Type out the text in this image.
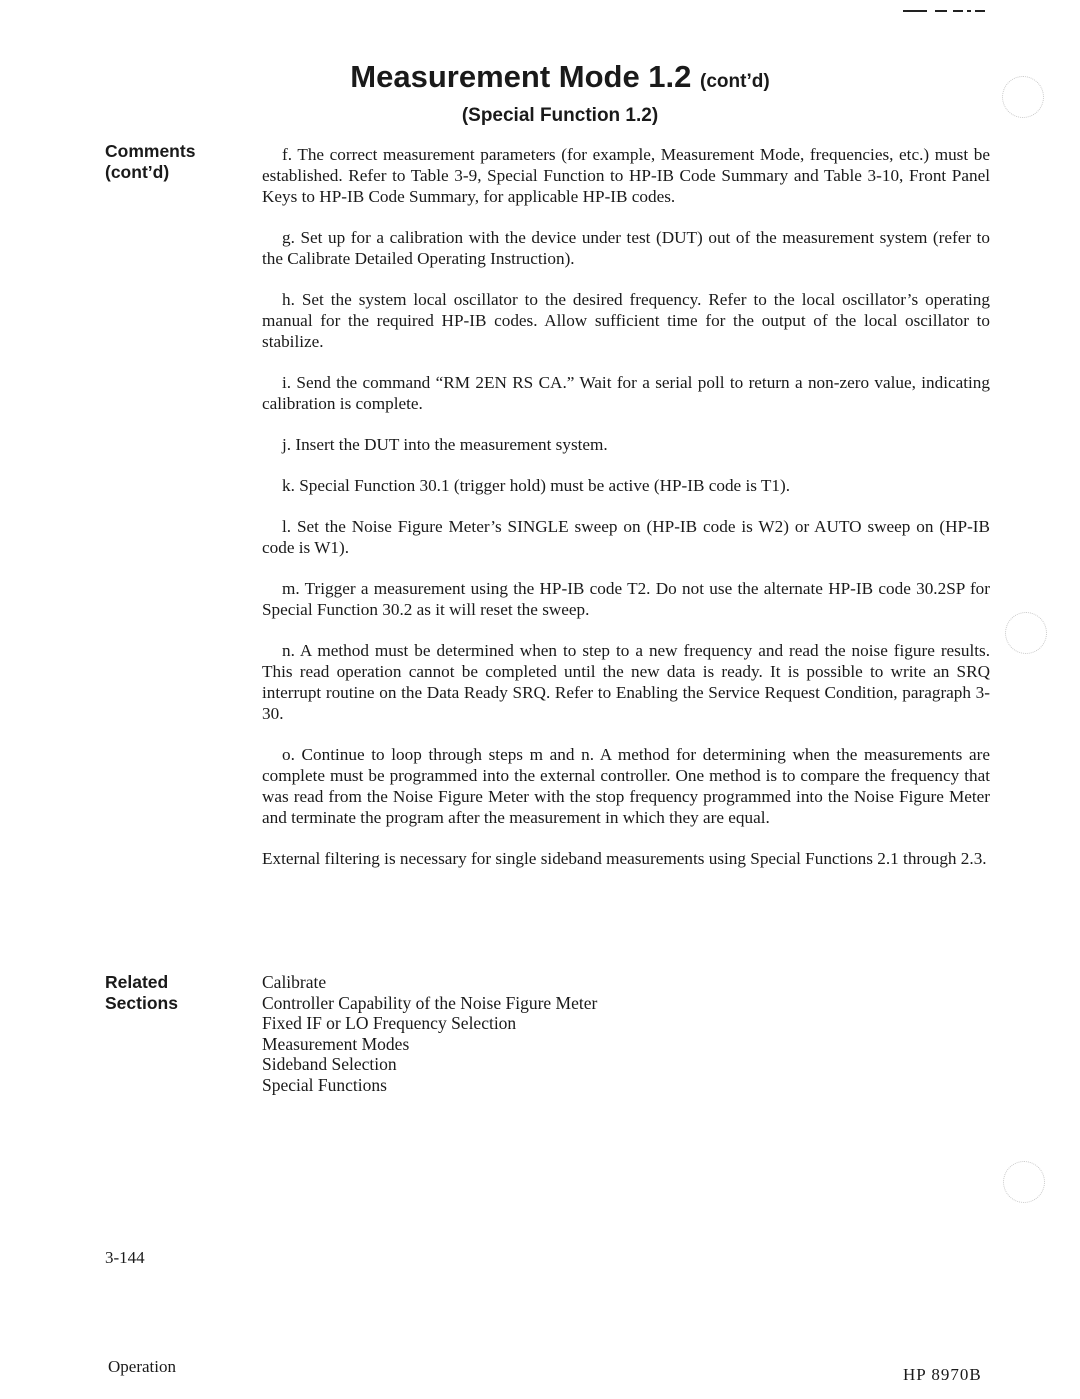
Measurement Mode 1.2 (cont’d)
(Special Function 1.2)
Comments
(cont’d)

f. The correct measurement parameters (for example, Measurement Mode, frequencies, etc.) must be established. Refer to Table 3-9, Special Function to HP-IB Code Summary and Table 3-10, Front Panel Keys to HP-IB Code Summary, for applicable HP-IB codes.

g. Set up for a calibration with the device under test (DUT) out of the measurement system (refer to the Calibrate Detailed Operating Instruction).

h. Set the system local oscillator to the desired frequency. Refer to the local oscillator’s operating manual for the required HP-IB codes. Allow sufficient time for the output of the local oscillator to stabilize.

i. Send the command “RM 2EN RS CA.” Wait for a serial poll to return a non-zero value, indicating calibration is complete.

j. Insert the DUT into the measurement system.

k. Special Function 30.1 (trigger hold) must be active (HP-IB code is T1).

l. Set the Noise Figure Meter’s SINGLE sweep on (HP-IB code is W2) or AUTO sweep on (HP-IB code is W1).

m. Trigger a measurement using the HP-IB code T2. Do not use the alternate HP-IB code 30.2SP for Special Function 30.2 as it will reset the sweep.

n. A method must be determined when to step to a new frequency and read the noise figure results. This read operation cannot be completed until the new data is ready. It is possible to write an SRQ interrupt routine on the Data Ready SRQ. Refer to Enabling the Service Request Condition, paragraph 3-30.

o. Continue to loop through steps m and n. A method for determining when the measurements are complete must be programmed into the external controller. One method is to compare the frequency that was read from the Noise Figure Meter with the stop frequency programmed into the Noise Figure Meter and terminate the program after the measurement in which they are equal.

External filtering is necessary for single sideband measurements using Special Functions 2.1 through 2.3.

Related
Sections
Calibrate
Controller Capability of the Noise Figure Meter
Fixed IF or LO Frequency Selection
Measurement Modes
Sideband Selection
Special Functions
3-144
Operation	HP 8970B
